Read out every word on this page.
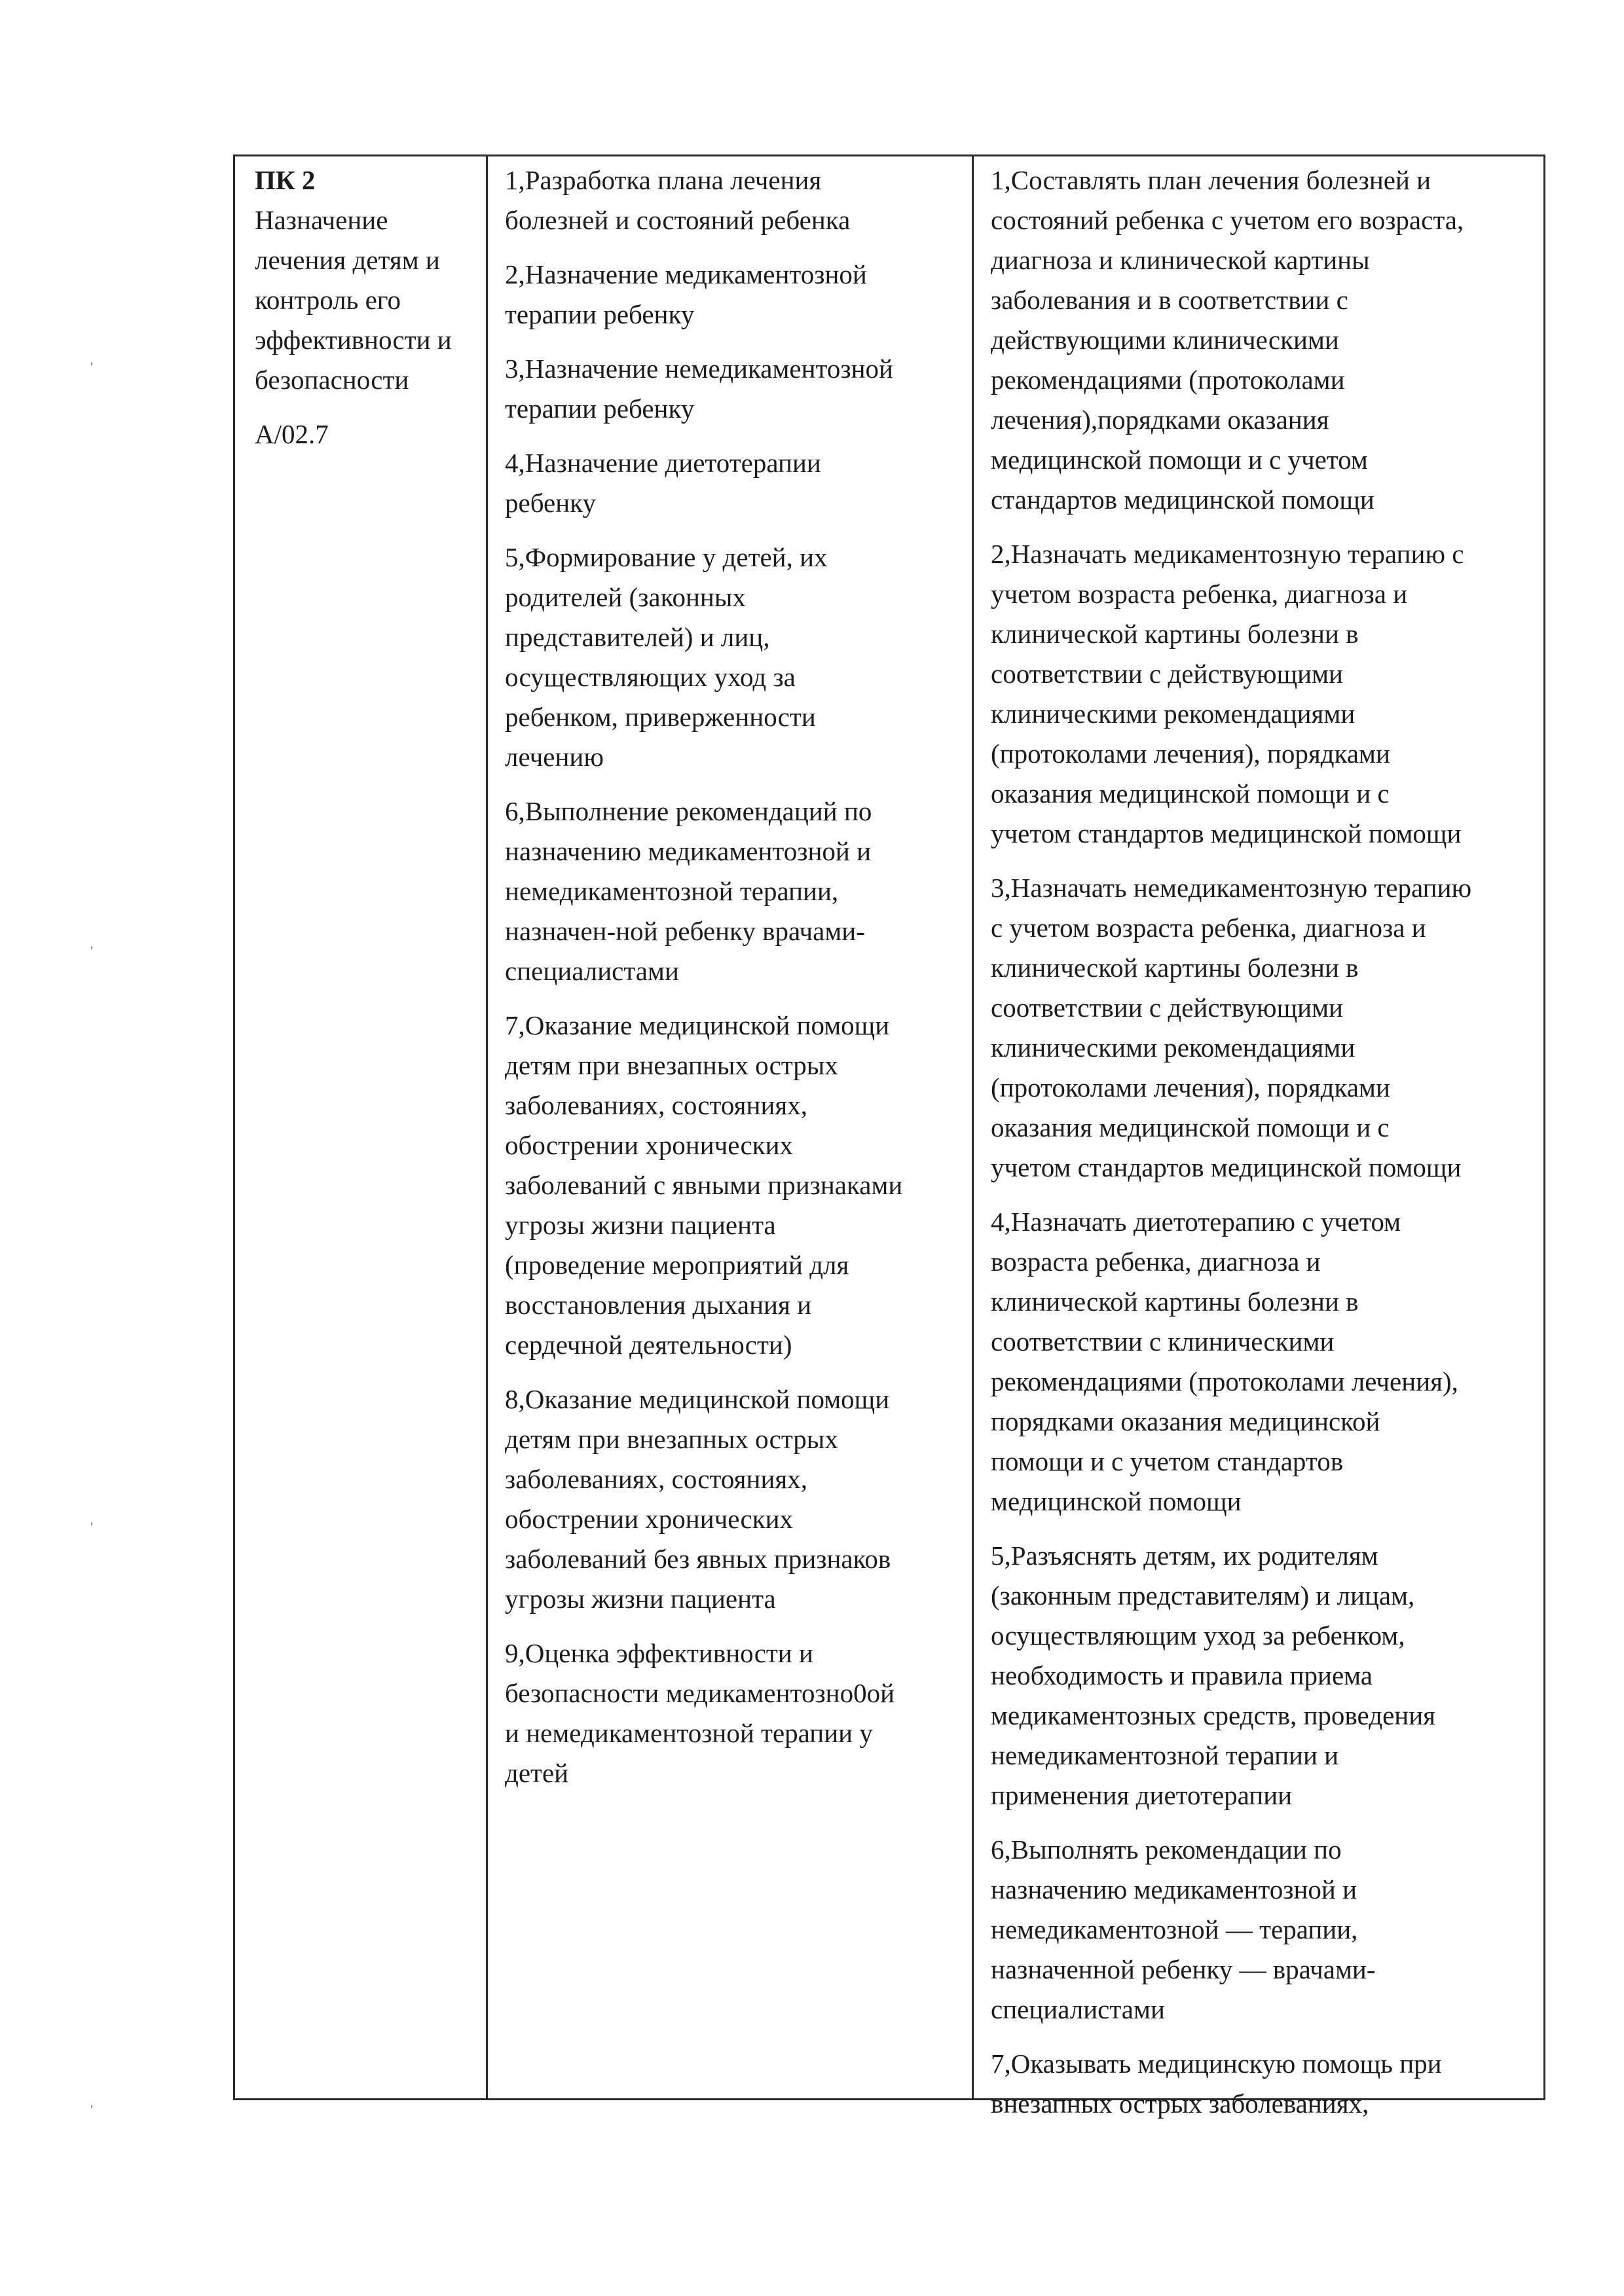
'
'
'
'
ПК 2
Назначение
лечения детям и
контроль его
эффективности и
безопасности
A/02.7
1,Разработка плана лечения
болезней и состояний ребенка
2,Назначение медикаментозной
терапии ребенку
3,Назначение немедикаментозной
терапии ребенку
4,Назначение диетотерапии
ребенку
5,Формирование у детей, их
родителей (законных
представителей) и лиц,
осуществляющих уход за
ребенком, приверженности
лечению
6,Выполнение рекомендаций по
назначению медикаментозной и
немедикаментозной терапии,
назначен-ной ребенку врачами-
специалистами
7,Оказание медицинской помощи
детям при внезапных острых
заболеваниях, состояниях,
обострении хронических
заболеваний с явными признаками
угрозы жизни пациента
(проведение мероприятий для
восстановления дыхания и
сердечной деятельности)
8,Оказание медицинской помощи
детям при внезапных острых
заболеваниях, состояниях,
обострении хронических
заболеваний без явных признаков
угрозы жизни пациента
9,Оценка эффективности и
безопасности медикаментозно0ой
и немедикаментозной терапии у
детей
1,Составлять план лечения болезней и
состояний ребенка с учетом его возраста,
диагноза и клинической картины
заболевания и в соответствии с
действующими клиническими
рекомендациями (протоколами
лечения),порядками оказания
медицинской помощи и с учетом
стандартов медицинской помощи
2,Назначать медикаментозную терапию с
учетом возраста ребенка, диагноза и
клинической картины болезни в
соответствии с действующими
клиническими рекомендациями
(протоколами лечения), порядками
оказания медицинской помощи и с
учетом стандартов медицинской помощи
3,Назначать немедикаментозную терапию
с учетом возраста ребенка, диагноза и
клинической картины болезни в
соответствии с действующими
клиническими рекомендациями
(протоколами лечения), порядками
оказания медицинской помощи и с
учетом стандартов медицинской помощи
4,Назначать диетотерапию с учетом
возраста ребенка, диагноза и
клинической картины болезни в
соответствии с клиническими
рекомендациями (протоколами лечения),
порядками оказания медицинской
помощи и с учетом стандартов
медицинской помощи
5,Разъяснять детям, их родителям
(законным представителям) и лицам,
осуществляющим уход за ребенком,
необходимость и правила приема
медикаментозных средств, проведения
немедикаментозной терапии и
применения диетотерапии
6,Выполнять рекомендации по
назначению медикаментозной и
немедикаментозной — терапии,
назначенной ребенку — врачами-
специалистами
7,Оказывать медицинскую помощь при
внезапных острых заболеваниях,
